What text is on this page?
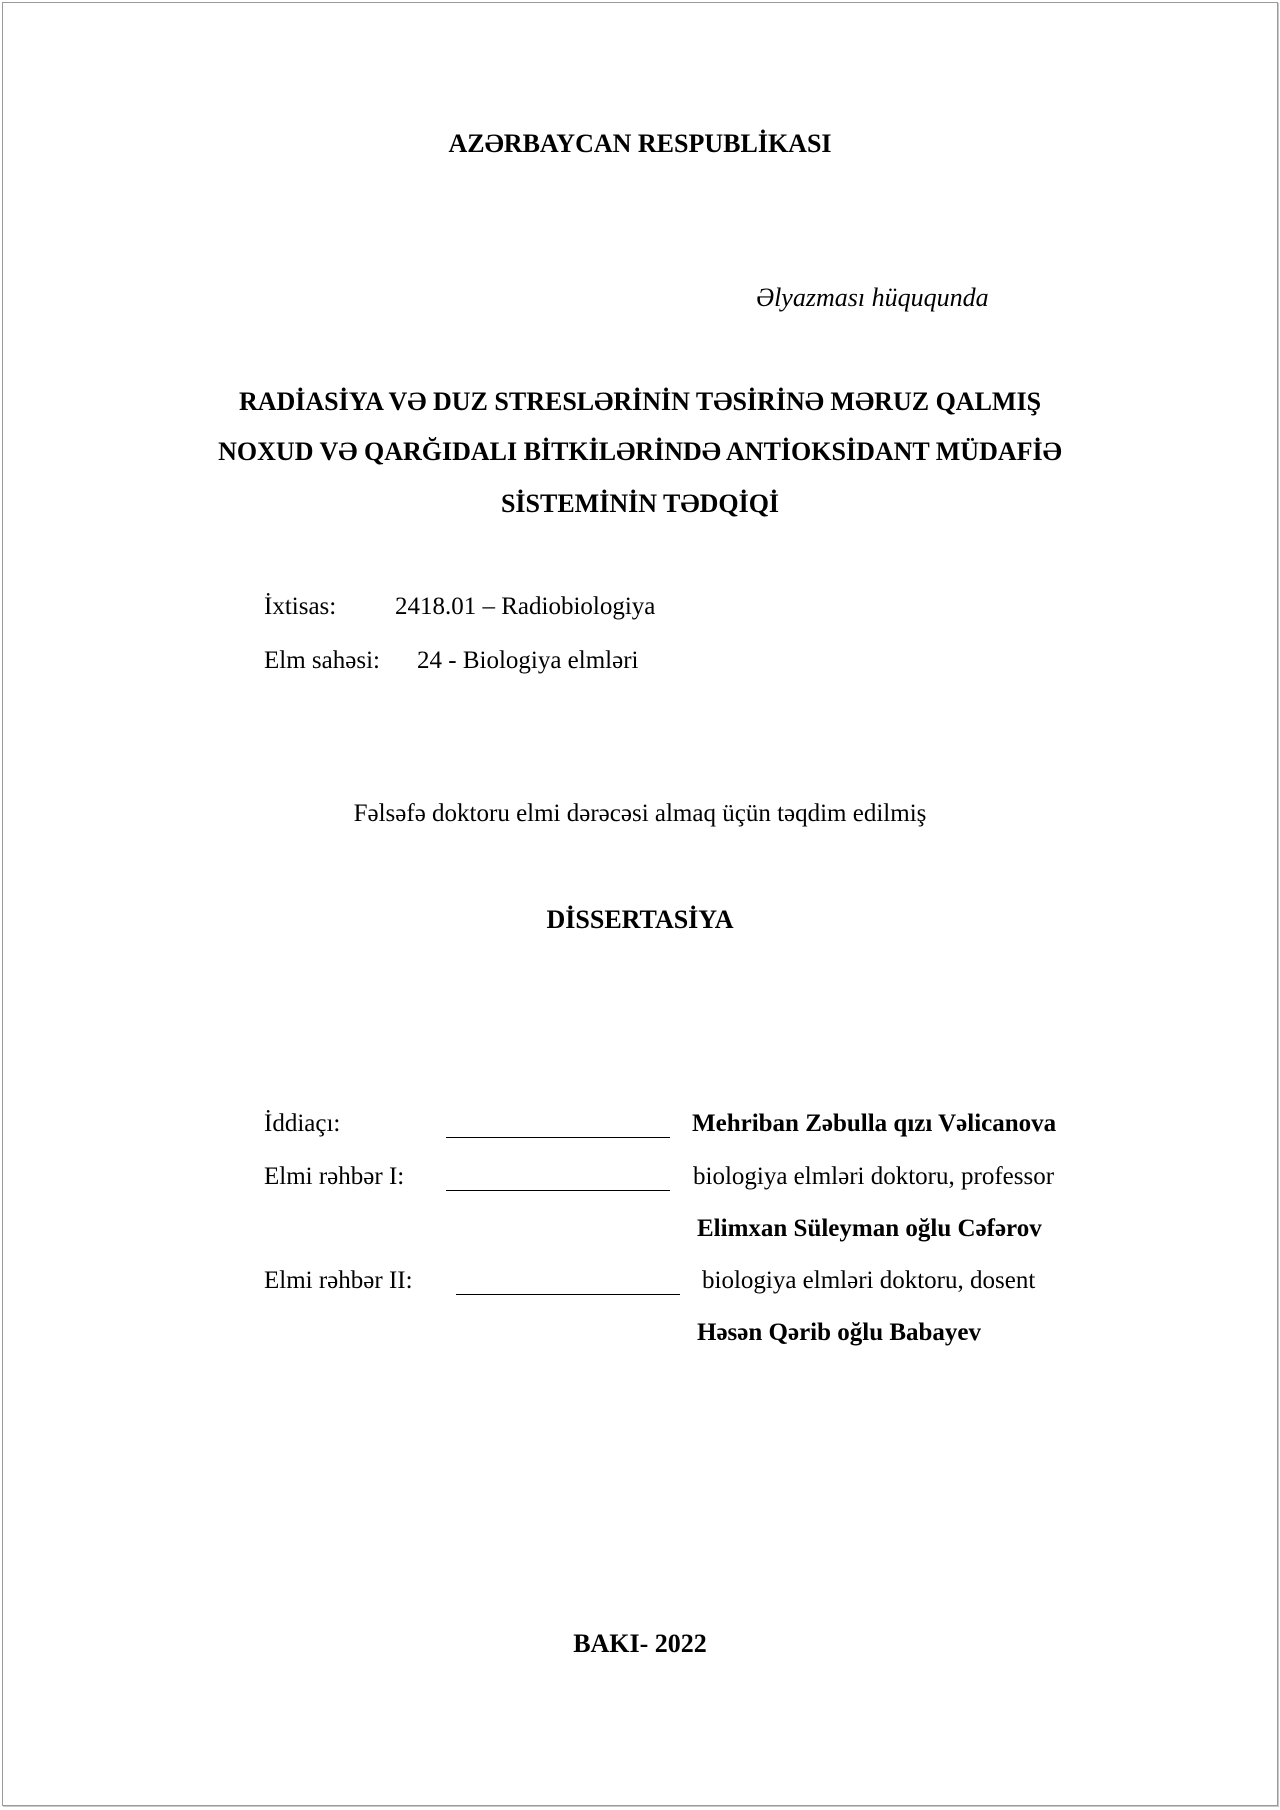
AZƏRBAYCAN RESPUBLİKASI
Əlyazması hüququnda
RADİASİYA VƏ DUZ STRESLƏRİNİN TƏSİRİNƏ MƏRUZ QALMIŞ
NOXUD VƏ QARĞIDALI BİTKİLƏRİNDƏ ANTİOKSİDANT MÜDAFİƏ
SİSTEMİNİN TƏDQİQİ
İxtisas: 2418.01 – Radiobiologiya
Elm sahəsi: 24 - Biologiya elmləri
Fəlsəfə doktoru elmi dərəcəsi almaq üçün təqdim edilmiş
DİSSERTASİYA
İddiaçı:	Mehriban Zəbulla qızı Vəlicanova
Elmi rəhbər I:	biologiya elmləri doktoru, professor
Elimxan Süleyman oğlu Cəfərov
Elmi rəhbər II:	biologiya elmləri doktoru, dosent
Həsən Qərib oğlu Babayev
BAKI- 2022
